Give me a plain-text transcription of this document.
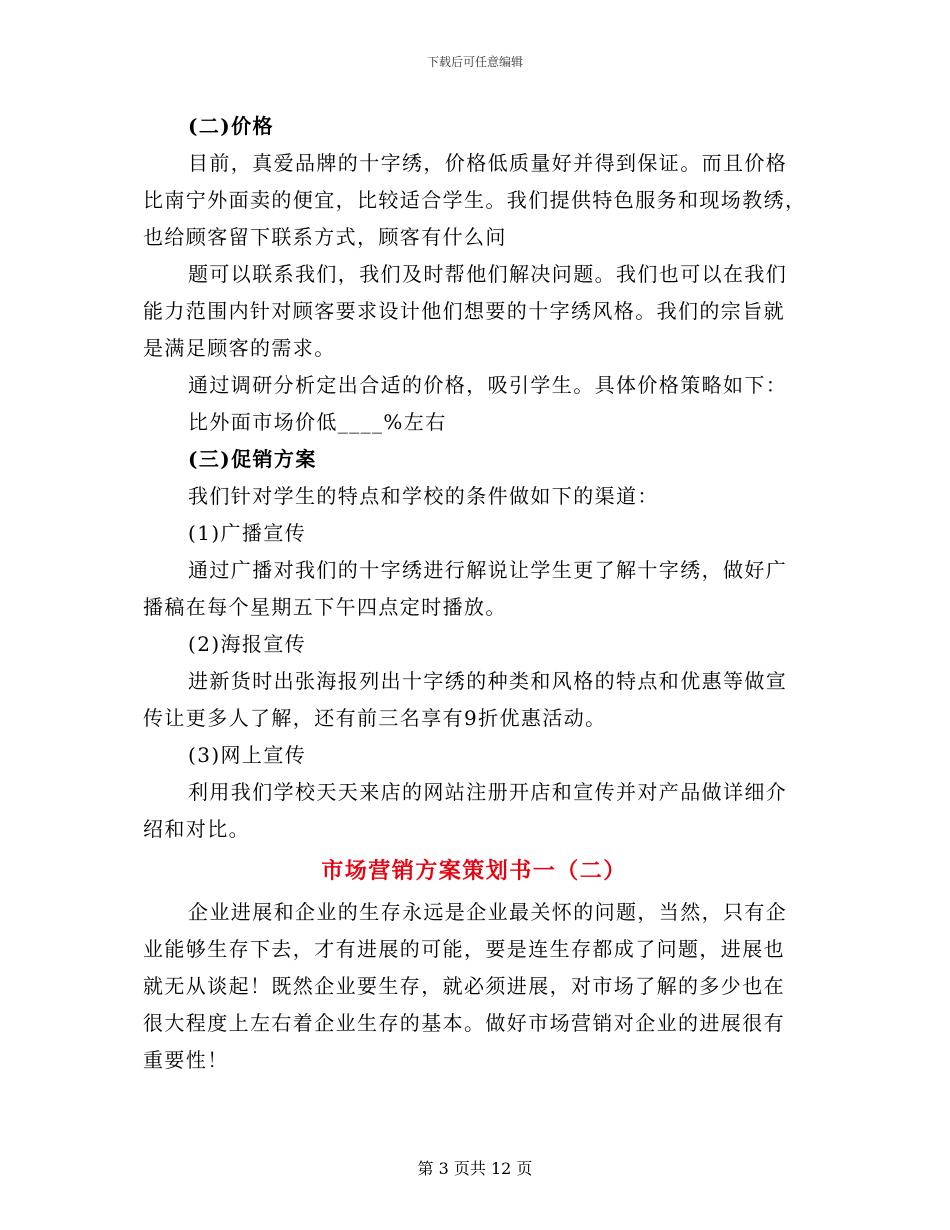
下载后可任意编辑
(二)价格
目前，真爱品牌的十字绣，价格低质量好并得到保证。而且价格
比南宁外面卖的便宜，比较适合学生。我们提供特色服务和现场教绣，
也给顾客留下联系方式，顾客有什么问
题可以联系我们，我们及时帮他们解决问题。我们也可以在我们
能力范围内针对顾客要求设计他们想要的十字绣风格。我们的宗旨就
是满足顾客的需求。
通过调研分析定出合适的价格，吸引学生。具体价格策略如下：
比外面市场价低____%左右
(三)促销方案
我们针对学生的特点和学校的条件做如下的渠道：
(1)广播宣传
通过广播对我们的十字绣进行解说让学生更了解十字绣，做好广
播稿在每个星期五下午四点定时播放。
(2)海报宣传
进新货时出张海报列出十字绣的种类和风格的特点和优惠等做宣
传让更多人了解，还有前三名享有9折优惠活动。
(3)网上宣传
利用我们学校天天来店的网站注册开店和宣传并对产品做详细介
绍和对比。
市场营销方案策划书一（二）
企业进展和企业的生存永远是企业最关怀的问题，当然，只有企
业能够生存下去，才有进展的可能，要是连生存都成了问题，进展也
就无从谈起！既然企业要生存，就必须进展，对市场了解的多少也在
很大程度上左右着企业生存的基本。做好市场营销对企业的进展很有
重要性！
第 3 页共 12 页
